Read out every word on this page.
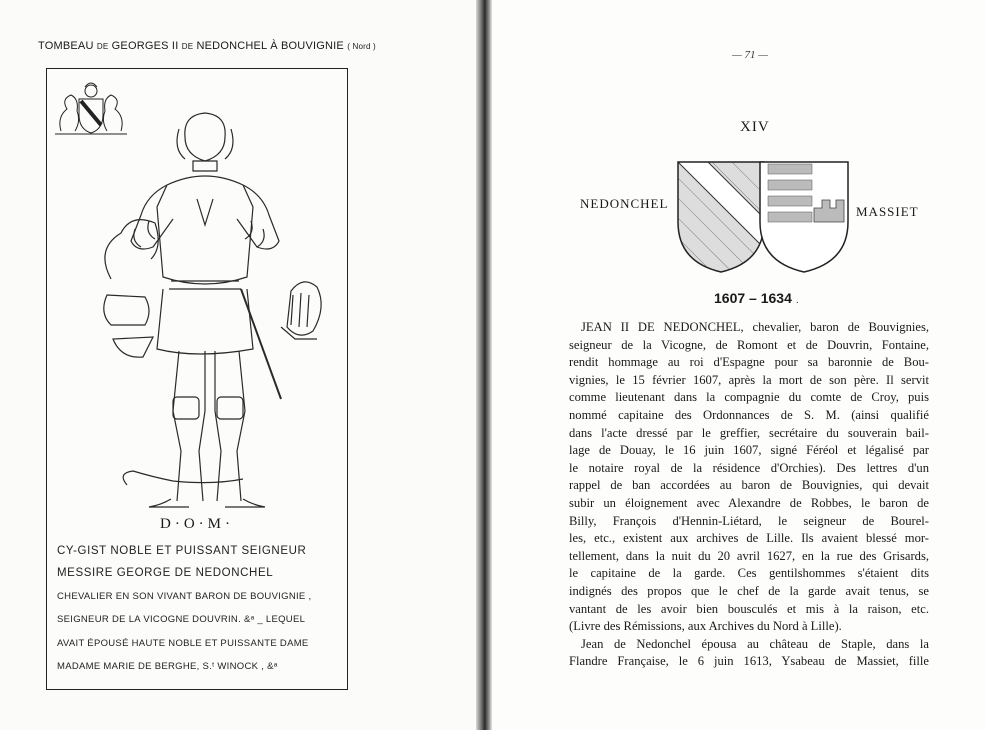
TOMBEAU DE GEORGES II DE NEDONCHEL À BOUVIGNIE ( Nord )
D·O·M·
CY-GIST NOBLE ET PUISSANT SEIGNEUR
MESSIRE GEORGE DE NEDONCHEL
CHEVALIER EN SON VIVANT BARON DE BOUVIGNIE ,
SEIGNEUR DE LA VICOGNE DOUVRIN. &ᵃ _ LEQUEL
AVAIT ÉPOUSÉ HAUTE NOBLE ET PUISSANTE DAME
MADAME MARIE DE BERGHE, S.ᵗ WINOCK , &ᵃ
— 71 —
XIV
NEDONCHEL
MASSIET
1607 – 1634 .
JEAN II DE NEDONCHEL, chevalier, baron de Bouvignies,
seigneur de la Vicogne, de Romont et de Douvrin, Fontaine,
rendit hommage au roi d'Espagne pour sa baronnie de Bou-
vignies, le 15 février 1607, après la mort de son père. Il servit
comme lieutenant dans la compagnie du comte de Croy, puis
nommé capitaine des Ordonnances de S. M. (ainsi qualifié
dans l'acte dressé par le greffier, secrétaire du souverain bail-
lage de Douay, le 16 juin 1607, signé Féréol et légalisé par
le notaire royal de la résidence d'Orchies). Des lettres d'un
rappel de ban accordées au baron de Bouvignies, qui devait
subir un éloignement avec Alexandre de Robbes, le baron de
Billy, François d'Hennin-Liétard, le seigneur de Bourel-
les, etc., existent aux archives de Lille. Ils avaient blessé mor-
tellement, dans la nuit du 20 avril 1627, en la rue des Grisards,
le capitaine de la garde. Ces gentilshommes s'étaient dits
indignés des propos que le chef de la garde avait tenus, se
vantant de les avoir bien bousculés et mis à la raison, etc.
(Livre des Rémissions, aux Archives du Nord à Lille).
Jean de Nedonchel épousa au château de Staple, dans la
Flandre Française, le 6 juin 1613, Ysabeau de Massiet, fille
